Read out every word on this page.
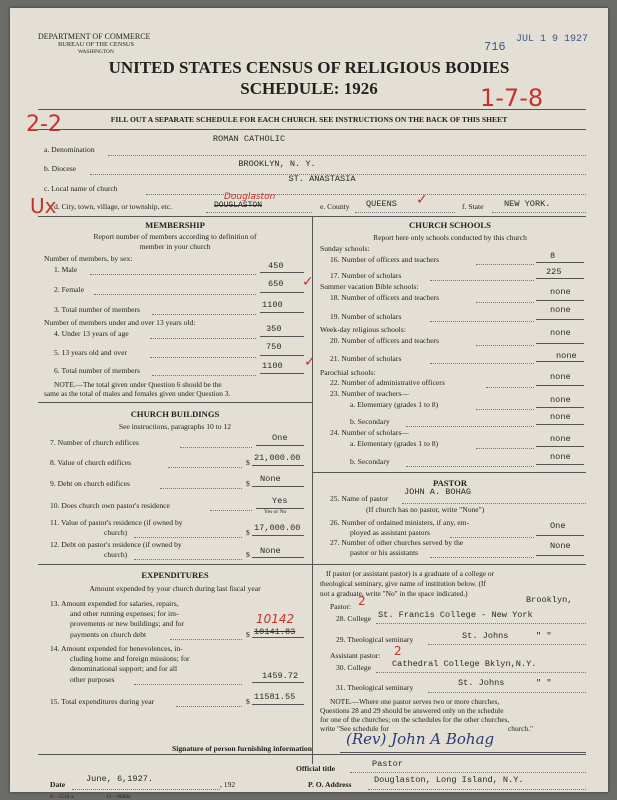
DEPARTMENT OF COMMERCE
BUREAU OF THE CENSUS
WASHINGTON	716
JUL 1 9 1927
UNITED STATES CENSUS OF RELIGIOUS BODIES
SCHEDULE: 1926
2-2
1-7-8
FILL OUT A SEPARATE SCHEDULE FOR EACH CHURCH. SEE INSTRUCTIONS ON THE BACK OF THIS SHEET
a. Denomination
ROMAN CATHOLIC
b. Diocese	BROOKLYN, N. Y.
c. Local name of church
ST. ANASTASIA
Ux
d. City, town, village, or township, etc.
Douglaston
DOUGLASTON	e. County QUEENS ✓	f. State NEW YORK.
MEMBERSHIP
Report number of members according to definition of
member in your church
Number of members, by sex:
1. Male	450
2. Female
650 ✓
3. Total number of members	1100
Number of members under and over 13 years old:
4. Under 13 years of age	350
5. 13 years old and over
750
6. Total number of members	1100 ✓
NOTE.—The total given under Question 6 should be the
same as the total of males and females given under Question 3.
CHURCH BUILDINGS
See instructions, paragraphs 10 to 12
7. Number of church edifices	One
8. Value of church edifices	$ 21,000.00
9. Debt on church edifices	$ None
10. Does church own pastor's residence	Yes
Yes or No
11. Value of pastor's residence (if owned by
church)	$ 17,000.00
12. Debt on pastor's residence (if owned by
church)	$ None
EXPENDITURES
Amount expended by your church during last fiscal year
13. Amount expended for salaries, repairs,
and other running expenses; for im-
provements or new buildings; and for
payments on church debt	$
10142
10141.83
14. Amount expended for benevolences, in-
cluding home and foreign missions; for
denominational support; and for all
other purposes	1459.72
15. Total expenditures during year	$ 11581.55
CHURCH SCHOOLS
Report here only schools conducted by this church
Sunday schools:
16. Number of officers and teachers	8
17. Number of scholars	225
Summer vacation Bible schools:
18. Number of officers and teachers
none
19. Number of scholars
none
Week-day religious schools:
20. Number of officers and teachers
none
21. Number of scholars	none
Parochial schools:
22. Number of administrative officers
none
23. Number of teachers—
a. Elementary (grades 1 to 8)	none
b. Secondary	none
24. Number of scholars—
a. Elementary (grades 1 to 8)	none
b. Secondary	none
PASTOR
25. Name of pastor
JOHN A. BOHAG
(If church has no pastor, write "None")
26. Number of ordained ministers, if any, em-
ployed as assistant pastors
One
27. Number of other churches served by the
pastor or his assistants
None
If pastor (or assistant pastor) is a graduate of a college or
theological seminary, give name of institution below. (If
not a graduate, write "No" in the space indicated.)
Pastor: 2	Brooklyn,
28. College St. Francis College - New York
29. Theological seminary	St. Johns	" "
Assistant pastor: 2
30. College Cathedral College Bklyn,N.Y.
31. Theological seminary	St. Johns	" "
NOTE.—Where one pastor serves two or more churches,
Questions 28 and 29 should be answered only on the schedule
for one of the churches; on the schedules for the other churches,
write "See schedule for	church."
Signature of person furnishing information
(Rev) John A Bohag
Official title	Pastor
Date
June, 6,1927.
, 192	P. O. Address	Douglaston, Long Island, N.Y.
8—5518 a	11—9086e
